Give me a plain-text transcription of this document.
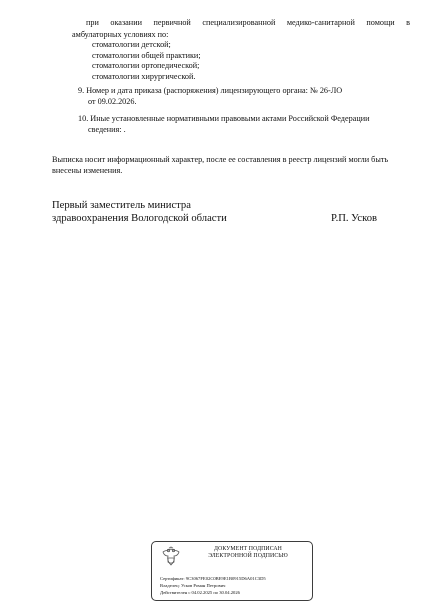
при оказании первичной специализированной медико-санитарной помощи в
амбулаторных условиях по:
стоматологии детской;
стоматологии общей практики;
стоматологии ортопедической;
стоматологии хирургической.
9. Номер и дата приказа (распоряжения) лицензирующего органа: № 26-ЛО
от 09.02.2026.
10. Иные установленные нормативными правовыми актами Российской Федерации
сведения: .
Выписка носит информационный характер, после ее составления в реестр лицензий могли быть
внесены изменения.
Первый заместитель министра
здравоохранения Вологодской области	Р.П. Усков
ДОКУМЕНТ ПОДПИСАН
ЭЛЕКТРОННОЙ ПОДПИСЬЮ
Сертификат: 9C3067FE02C0BE9E1B0915D6A01C3D5
Владелец: Усков Роман Петрович
Действителен с 04.02.2025 по 30.04.2026
